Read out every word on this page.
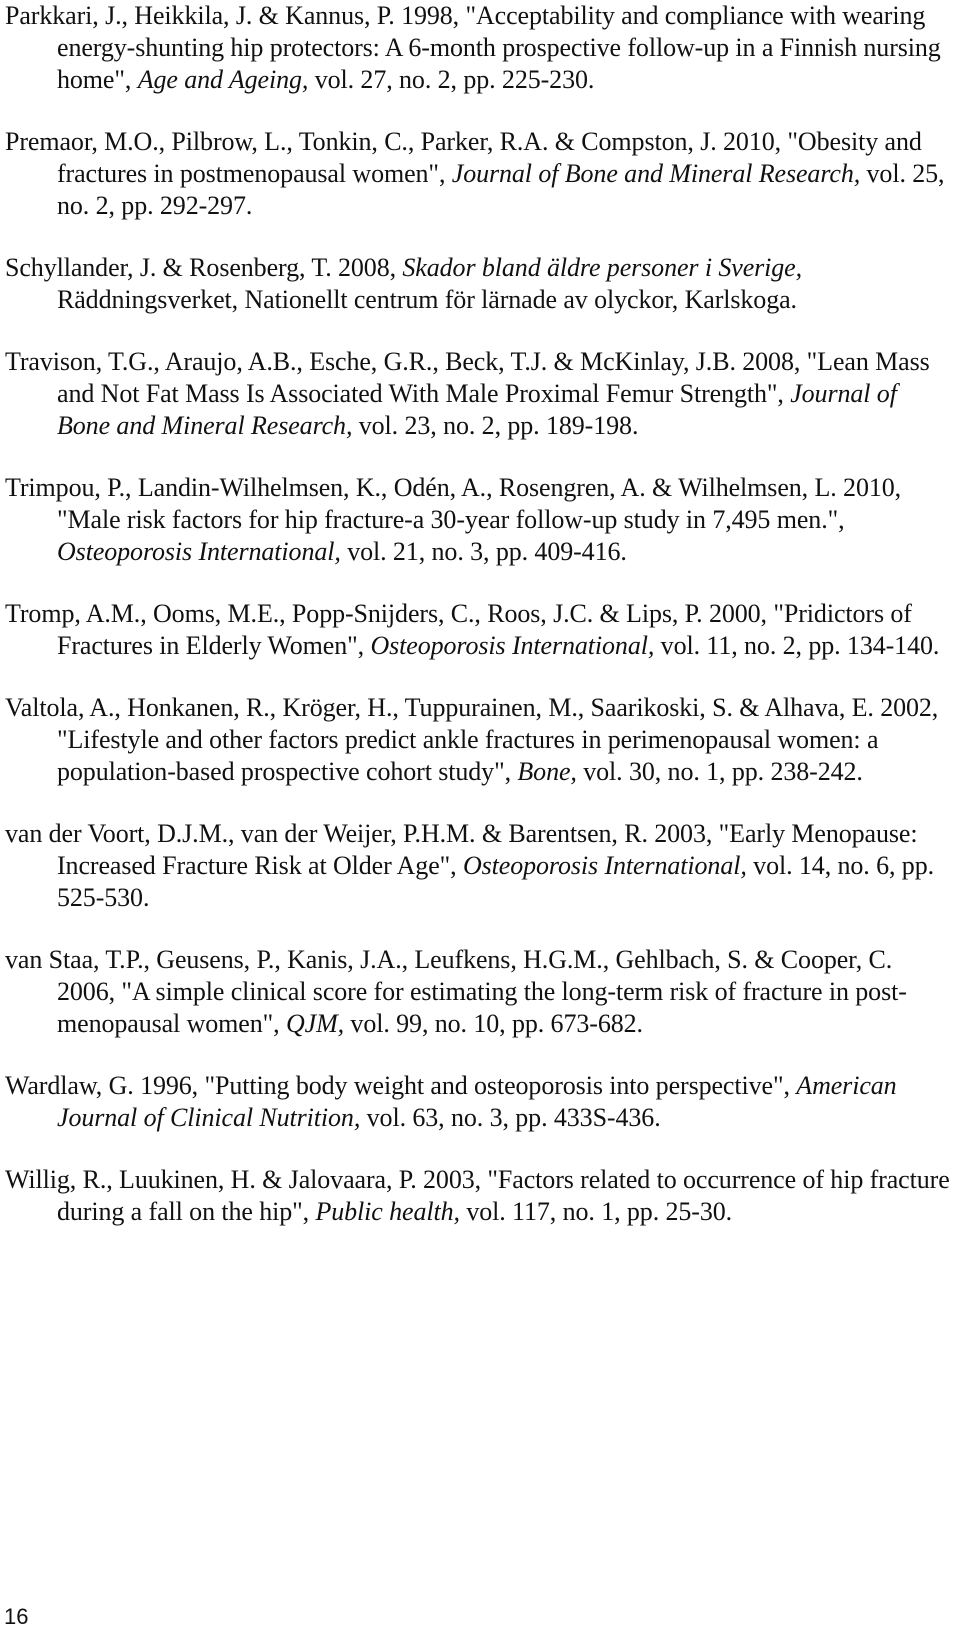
Parkkari, J., Heikkila, J. & Kannus, P. 1998, "Acceptability and compliance with wearing energy-shunting hip protectors: A 6-month prospective follow-up in a Finnish nursing home", Age and Ageing, vol. 27, no. 2, pp. 225-230.

Premaor, M.O., Pilbrow, L., Tonkin, C., Parker, R.A. & Compston, J. 2010, "Obesity and fractures in postmenopausal women", Journal of Bone and Mineral Research, vol. 25, no. 2, pp. 292-297.

Schyllander, J. & Rosenberg, T. 2008, Skador bland äldre personer i Sverige, Räddningsverket, Nationellt centrum för lärnade av olyckor, Karlskoga.

Travison, T.G., Araujo, A.B., Esche, G.R., Beck, T.J. & McKinlay, J.B. 2008, "Lean Mass and Not Fat Mass Is Associated With Male Proximal Femur Strength", Journal of Bone and Mineral Research, vol. 23, no. 2, pp. 189-198.

Trimpou, P., Landin-Wilhelmsen, K., Odén, A., Rosengren, A. & Wilhelmsen, L. 2010, "Male risk factors for hip fracture-a 30-year follow-up study in 7,495 men.", Osteoporosis International, vol. 21, no. 3, pp. 409-416.

Tromp, A.M., Ooms, M.E., Popp-Snijders, C., Roos, J.C. & Lips, P. 2000, "Pridictors of Fractures in Elderly Women", Osteoporosis International, vol. 11, no. 2, pp. 134-140.

Valtola, A., Honkanen, R., Kröger, H., Tuppurainen, M., Saarikoski, S. & Alhava, E. 2002, "Lifestyle and other factors predict ankle fractures in perimenopausal women: a population-based prospective cohort study", Bone, vol. 30, no. 1, pp. 238-242.

van der Voort, D.J.M., van der Weijer, P.H.M. & Barentsen, R. 2003, "Early Menopause: Increased Fracture Risk at Older Age", Osteoporosis International, vol. 14, no. 6, pp. 525-530.

van Staa, T.P., Geusens, P., Kanis, J.A., Leufkens, H.G.M., Gehlbach, S. & Cooper, C. 2006, "A simple clinical score for estimating the long-term risk of fracture in post-menopausal women", QJM, vol. 99, no. 10, pp. 673-682.

Wardlaw, G. 1996, "Putting body weight and osteoporosis into perspective", American Journal of Clinical Nutrition, vol. 63, no. 3, pp. 433S-436.

Willig, R., Luukinen, H. & Jalovaara, P. 2003, "Factors related to occurrence of hip fracture during a fall on the hip", Public health, vol. 117, no. 1, pp. 25-30.

16
